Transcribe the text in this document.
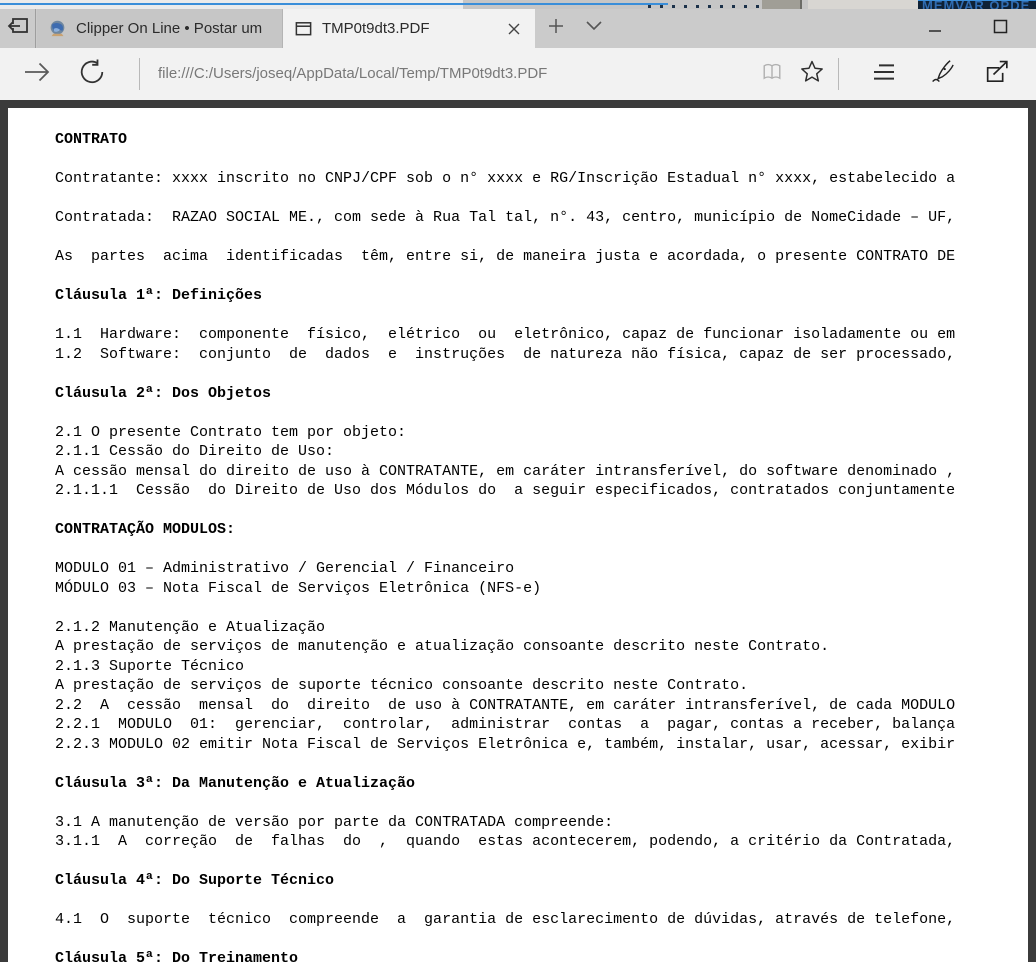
MEMVAR OPDE
Clipper On Line • Postar um	TMP0t9dt3.PDF
file:///C:/Users/joseq/AppData/Local/Temp/TMP0t9dt3.PDF
CONTRATO

Contratante: xxxx inscrito no CNPJ/CPF sob o n° xxxx e RG/Inscrição Estadual n° xxxx, estabelecido a

Contratada:  RAZAO SOCIAL ME., com sede à Rua Tal tal, n°. 43, centro, município de NomeCidade – UF,

As  partes  acima  identificadas  têm, entre si, de maneira justa e acordada, o presente CONTRATO DE

Cláusula 1ª: Definições

1.1  Hardware:  componente  físico,  elétrico  ou  eletrônico, capaz de funcionar isoladamente ou em
1.2  Software:  conjunto  de  dados  e  instruções  de natureza não física, capaz de ser processado,

Cláusula 2ª: Dos Objetos

2.1 O presente Contrato tem por objeto:
2.1.1 Cessão do Direito de Uso:
A cessão mensal do direito de uso à CONTRATANTE, em caráter intransferível, do software denominado ,
2.1.1.1  Cessão  do Direito de Uso dos Módulos do  a seguir especificados, contratados conjuntamente

CONTRATAÇÃO MODULOS:

MODULO 01 – Administrativo / Gerencial / Financeiro
MÓDULO 03 – Nota Fiscal de Serviços Eletrônica (NFS-e)

2.1.2 Manutenção e Atualização
A prestação de serviços de manutenção e atualização consoante descrito neste Contrato.
2.1.3 Suporte Técnico
A prestação de serviços de suporte técnico consoante descrito neste Contrato.
2.2  A  cessão  mensal  do  direito  de uso à CONTRATANTE, em caráter intransferível, de cada MODULO
2.2.1  MODULO  01:  gerenciar,  controlar,  administrar  contas  a  pagar, contas a receber, balança
2.2.3 MODULO 02 emitir Nota Fiscal de Serviços Eletrônica e, também, instalar, usar, acessar, exibir

Cláusula 3ª: Da Manutenção e Atualização

3.1 A manutenção de versão por parte da CONTRATADA compreende:
3.1.1  A  correção  de  falhas  do  ,  quando  estas acontecerem, podendo, a critério da Contratada,

Cláusula 4ª: Do Suporte Técnico

4.1  O  suporte  técnico  compreende  a  garantia de esclarecimento de dúvidas, através de telefone,

Cláusula 5ª: Do Treinamento
